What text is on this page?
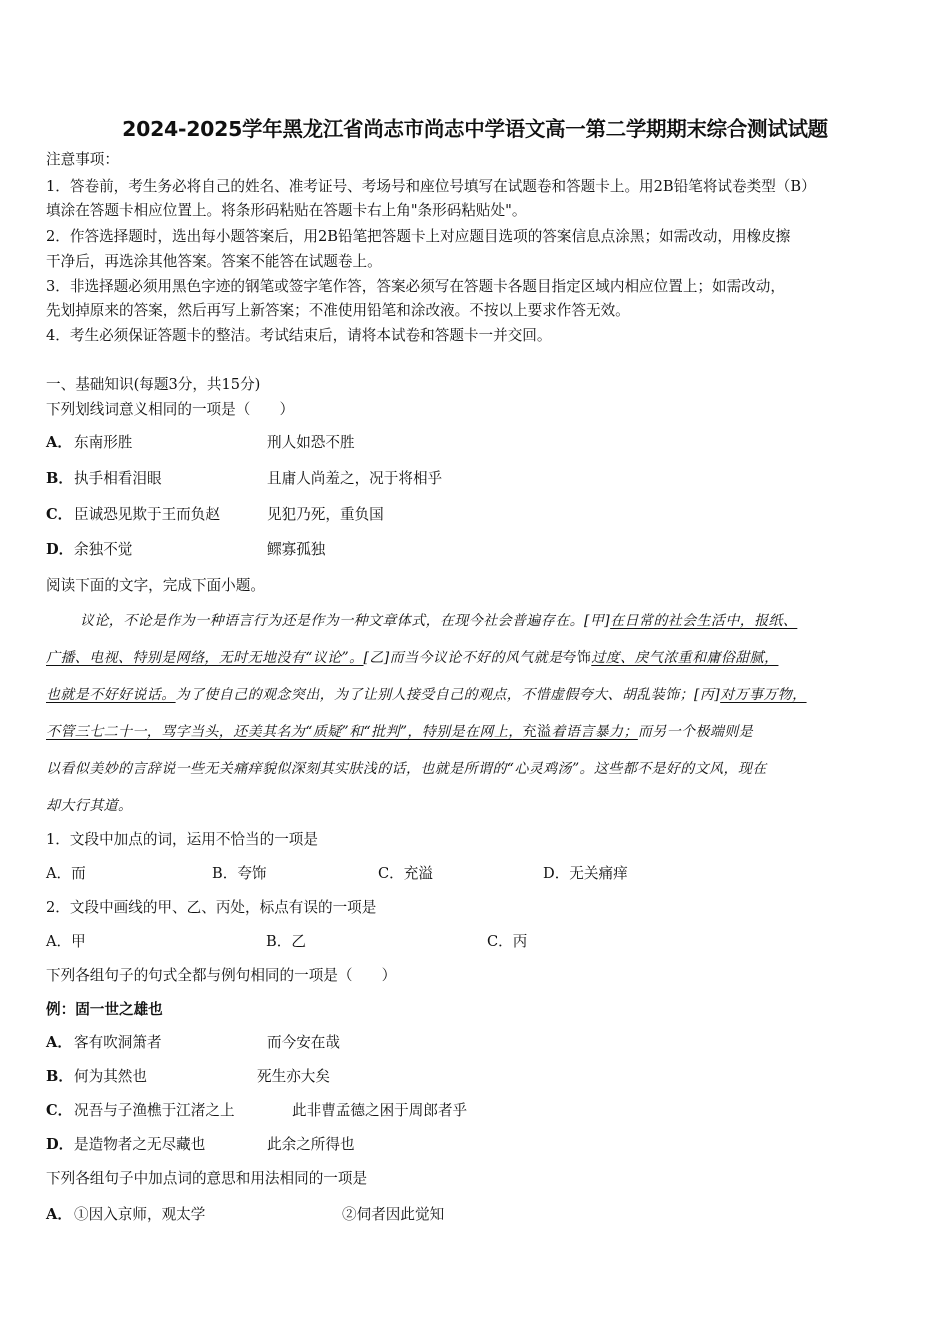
2024-2025学年黑龙江省尚志市尚志中学语文高一第二学期期末综合测试试题
注意事项：
1．答卷前，考生务必将自己的姓名、准考证号、考场号和座位号填写在试题卷和答题卡上。用2B铅笔将试卷类型（B）
填涂在答题卡相应位置上。将条形码粘贴在答题卡右上角"条形码粘贴处"。
2．作答选择题时，选出每小题答案后，用2B铅笔把答题卡上对应题目选项的答案信息点涂黑；如需改动，用橡皮擦
干净后，再选涂其他答案。答案不能答在试题卷上。
3．非选择题必须用黑色字迹的钢笔或签字笔作答，答案必须写在答题卡各题目指定区域内相应位置上；如需改动，
先划掉原来的答案，然后再写上新答案；不准使用铅笔和涂改液。不按以上要求作答无效。
4．考生必须保证答题卡的整洁。考试结束后，请将本试卷和答题卡一并交回。
一、基础知识(每题3分，共15分)
下列划线词意义相同的一项是（　　）
A． 东南形胜	刑人如恐不胜
B．执手相看泪眼	且庸人尚羞之，况于将相乎
C． 臣诚恐见欺于王而负赵	见犯乃死，重负国
D．余独不觉	鳏寡孤独
阅读下面的文字，完成下面小题。
议论，不论是作为一种语言行为还是作为一种文章体式，在现今社会普遍存在。[甲]在日常的社会生活中，报纸、
广播、电视、特别是网络，无时无地没有“议论”。[乙]而当今议论不好的风气就是夸饰过度、戾气浓重和庸俗甜腻，
也就是不好好说话。为了使自己的观念突出，为了让别人接受自己的观点，不惜虚假夸大、胡乱装饰；[丙]对万事万物，
不管三七二十一，骂字当头，还美其名为“质疑”和“批判”，特别是在网上，充溢着语言暴力；而另一个极端则是
以看似美妙的言辞说一些无关痛痒貌似深刻其实肤浅的话，也就是所谓的“心灵鸡汤”。这些都不是好的文风，现在
却大行其道。
1．文段中加点的词，运用不恰当的一项是
A．而	B．夸饰	C．充溢	D．无关痛痒
2．文段中画线的甲、乙、丙处，标点有误的一项是
A．甲	B．乙	C．丙
下列各组句子的句式全都与例句相同的一项是（　　）
例：固一世之雄也
A． 客有吹洞箫者	而今安在哉
B．何为其然也	死生亦大矣
C． 况吾与子渔樵于江渚之上	此非曹孟德之困于周郎者乎
D．是造物者之无尽藏也	此余之所得也
下列各组句子中加点词的意思和用法相同的一项是
A． ①因入京师，观太学	②伺者因此觉知
